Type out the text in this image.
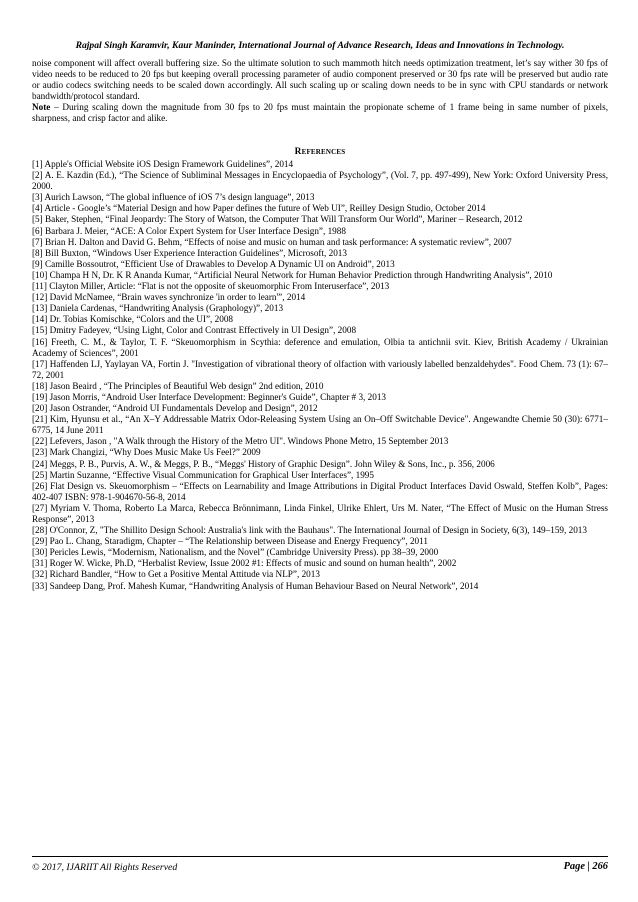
Rajpal Singh Karamvir, Kaur Maninder, International Journal of Advance Research, Ideas and Innovations in Technology.

noise component will affect overall buffering size. So the ultimate solution to such mammoth hitch needs optimization treatment, let’s say wither 30 fps of video needs to be reduced to 20 fps but keeping overall processing parameter of audio component preserved or 30 fps rate will be preserved but audio rate or audio codecs switching needs to be scaled down accordingly. All such scaling up or scaling down needs to be in sync with CPU standards or network bandwidth/protocol standard.

Note – During scaling down the magnitude from 30 fps to 20 fps must maintain the propionate scheme of 1 frame being in same number of pixels, sharpness, and crisp factor and alike.

References
[1] Apple's Official Website iOS Design Framework Guidelines”, 2014
[2] A. E. Kazdin (Ed.), “The Science of Subliminal Messages in Encyclopaedia of Psychology”, (Vol. 7, pp. 497-499), New York: Oxford University Press, 2000.
[3] Aurich Lawson, “The global influence of iOS 7’s design language”, 2013
[4] Article - Google’s “Material Design and how Paper defines the future of Web UI”, Reilley Design Studio, October 2014
[5] Baker, Stephen, “Final Jeopardy: The Story of Watson, the Computer That Will Transform Our World”, Mariner – Research, 2012
[6] Barbara J. Meier, “ACE: A Color Expert System for User Interface Design”, 1988
[7] Brian H. Dalton and David G. Behm, “Effects of noise and music on human and task performance: A systematic review”, 2007
[8] Bill Buxton, “Windows User Experience Interaction Guidelines”, Microsoft, 2013
[9] Camille Bossoutrot, “Efficient Use of Drawables to Develop A Dynamic UI on Android”, 2013
[10] Champa H N, Dr. K R Ananda Kumar, “Artificial Neural Network for Human Behavior Prediction through Handwriting Analysis”, 2010
[11] Clayton Miller, Article: “Flat is not the opposite of skeuomorphic From Interuserface”, 2013
[12] David McNamee, “Brain waves synchronize 'in order to learn'”, 2014
[13] Daniela Cardenas, “Handwriting Analysis (Graphology)”, 2013
[14] Dr. Tobias Komischke, “Colors and the UI”, 2008
[15] Dmitry Fadeyev, “Using Light, Color and Contrast Effectively in UI Design”, 2008
[16] Freeth, C. M., & Taylor, T. F. “Skeuomorphism in Scythia: deference and emulation, Olbia ta antichnii svit. Kiev, British Academy / Ukrainian Academy of Sciences”, 2001
[17] Haffenden LJ, Yaylayan VA, Fortin J. "Investigation of vibrational theory of olfaction with variously labelled benzaldehydes". Food Chem. 73 (1): 67–72, 2001
[18] Jason Beaird , “The Principles of Beautiful Web design” 2nd edition, 2010
[19] Jason Morris, “Android User Interface Development: Beginner's Guide”, Chapter # 3, 2013
[20] Jason Ostrander, “Android UI Fundamentals Develop and Design”, 2012
[21] Kim, Hyunsu et al., “An X–Y Addressable Matrix Odor-Releasing System Using an On–Off Switchable Device". Angewandte Chemie 50 (30): 6771–6775, 14 June 2011
[22] Lefevers, Jason , "A Walk through the History of the Metro UI". Windows Phone Metro, 15 September 2013
[23] Mark Changizi, “Why Does Music Make Us Feel?” 2009
[24] Meggs, P. B., Purvis, A. W., & Meggs, P. B., “Meggs' History of Graphic Design”. John Wiley & Sons, Inc., p. 356, 2006
[25] Martin Suzanne, “Effective Visual Communication for Graphical User Interfaces”, 1995
[26] Flat Design vs. Skeuomorphism – “Effects on Learnability and Image Attributions in Digital Product Interfaces David Oswald, Steffen Kolb”, Pages: 402-407 ISBN: 978-1-904670-56-8, 2014
[27] Myriam V. Thoma, Roberto La Marca, Rebecca Brönnimann, Linda Finkel, Ulrike Ehlert, Urs M. Nater, “The Effect of Music on the Human Stress Response”, 2013
[28] O'Connor, Z, "The Shillito Design School: Australia's link with the Bauhaus". The International Journal of Design in Society, 6(3), 149–159, 2013
[29] Pao L. Chang, Staradigm, Chapter – “The Relationship between Disease and Energy Frequency”, 2011
[30] Pericles Lewis, “Modernism, Nationalism, and the Novel” (Cambridge University Press). pp 38–39, 2000
[31] Roger W. Wicke, Ph.D, “Herbalist Review, Issue 2002 #1: Effects of music and sound on human health”, 2002
[32] Richard Bandler, “How to Get a Positive Mental Attitude via NLP”, 2013
[33] Sandeep Dang, Prof. Mahesh Kumar, “Handwriting Analysis of Human Behaviour Based on Neural Network”, 2014
© 2017, IJARIIT All Rights Reserved	Page | 266
